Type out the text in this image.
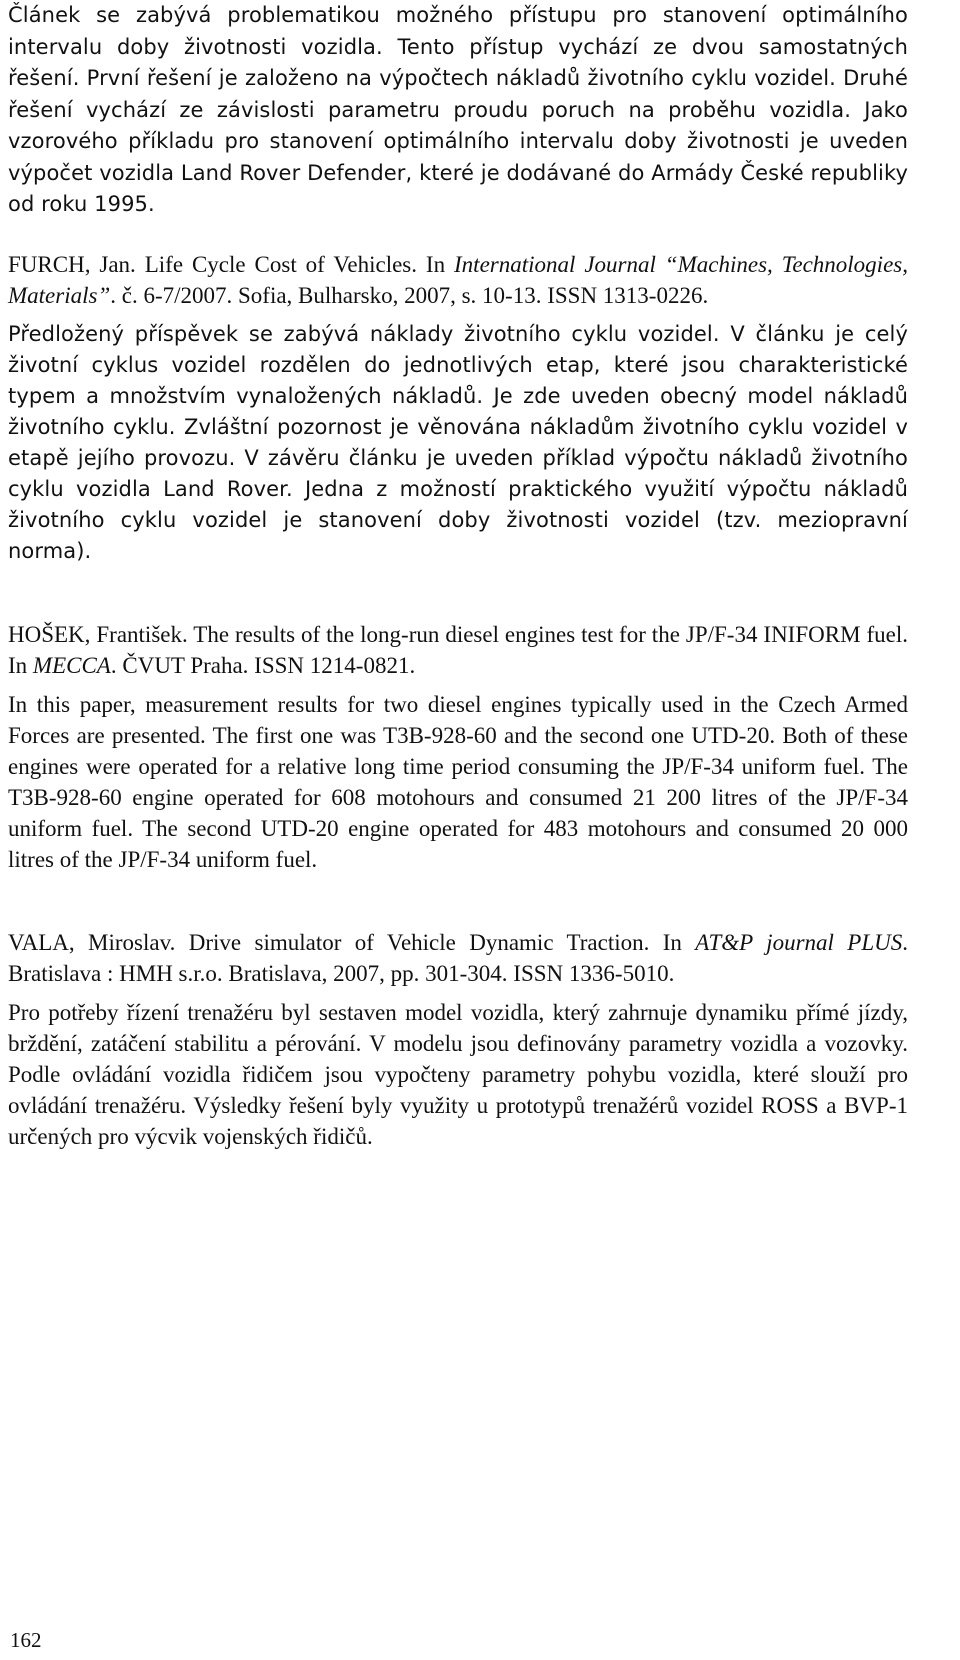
Článek se zabývá problematikou možného přístupu pro stanovení optimálního intervalu doby životnosti vozidla. Tento přístup vychází ze dvou samostatných řešení. První řešení je založeno na výpočtech nákladů životního cyklu vozidel. Druhé řešení vychází ze závislosti parametru proudu poruch na proběhu vozidla. Jako vzorového příkladu pro stanovení optimálního intervalu doby životnosti je uveden výpočet vozidla Land Rover Defender, které je dodávané do Armády České republiky od roku 1995.

FURCH, Jan. Life Cycle Cost of Vehicles. In International Journal “Machines, Technologies, Materials”. č. 6-7/2007. Sofia, Bulharsko, 2007, s. 10-13. ISSN 1313-0226.

Předložený příspěvek se zabývá náklady životního cyklu vozidel. V článku je celý životní cyklus vozidel rozdělen do jednotlivých etap, které jsou charakteristické typem a množstvím vynaložených nákladů. Je zde uveden obecný model nákladů životního cyklu. Zvláštní pozornost je věnována nákladům životního cyklu vozidel v etapě jejího provozu. V závěru článku je uveden příklad výpočtu nákladů životního cyklu vozidla Land Rover. Jedna z možností praktického využití výpočtu nákladů životního cyklu vozidel je stanovení doby životnosti vozidel (tzv. meziopravní norma).

HOŠEK, František. The results of the long-run diesel engines test for the JP/F-34 INIFORM fuel. In MECCA. ČVUT Praha. ISSN 1214-0821.

In this paper, measurement results for two diesel engines typically used in the Czech Armed Forces are presented. The first one was T3B-928-60 and the second one UTD-20. Both of these engines were operated for a relative long time period consuming the JP/F-34 uniform fuel. The T3B-928-60 engine operated for 608 motohours and consumed 21 200 litres of the JP/F-34 uniform fuel. The second UTD-20 engine operated for 483 motohours and consumed 20 000 litres of the JP/F-34 uniform fuel.

VALA, Miroslav. Drive simulator of Vehicle Dynamic Traction. In AT&P journal PLUS. Bratislava : HMH s.r.o. Bratislava, 2007, pp. 301-304. ISSN 1336-5010.

Pro potřeby řízení trenažéru byl sestaven model vozidla, který zahrnuje dynamiku přímé jízdy, brždění, zatáčení stabilitu a pérování. V modelu jsou definovány parametry vozidla a vozovky. Podle ovládání vozidla řidičem jsou vypočteny parametry pohybu vozidla, které slouží pro ovládání trenažéru. Výsledky řešení byly využity u prototypů trenažérů vozidel ROSS a BVP-1 určených pro výcvik vojenských řidičů.

162
